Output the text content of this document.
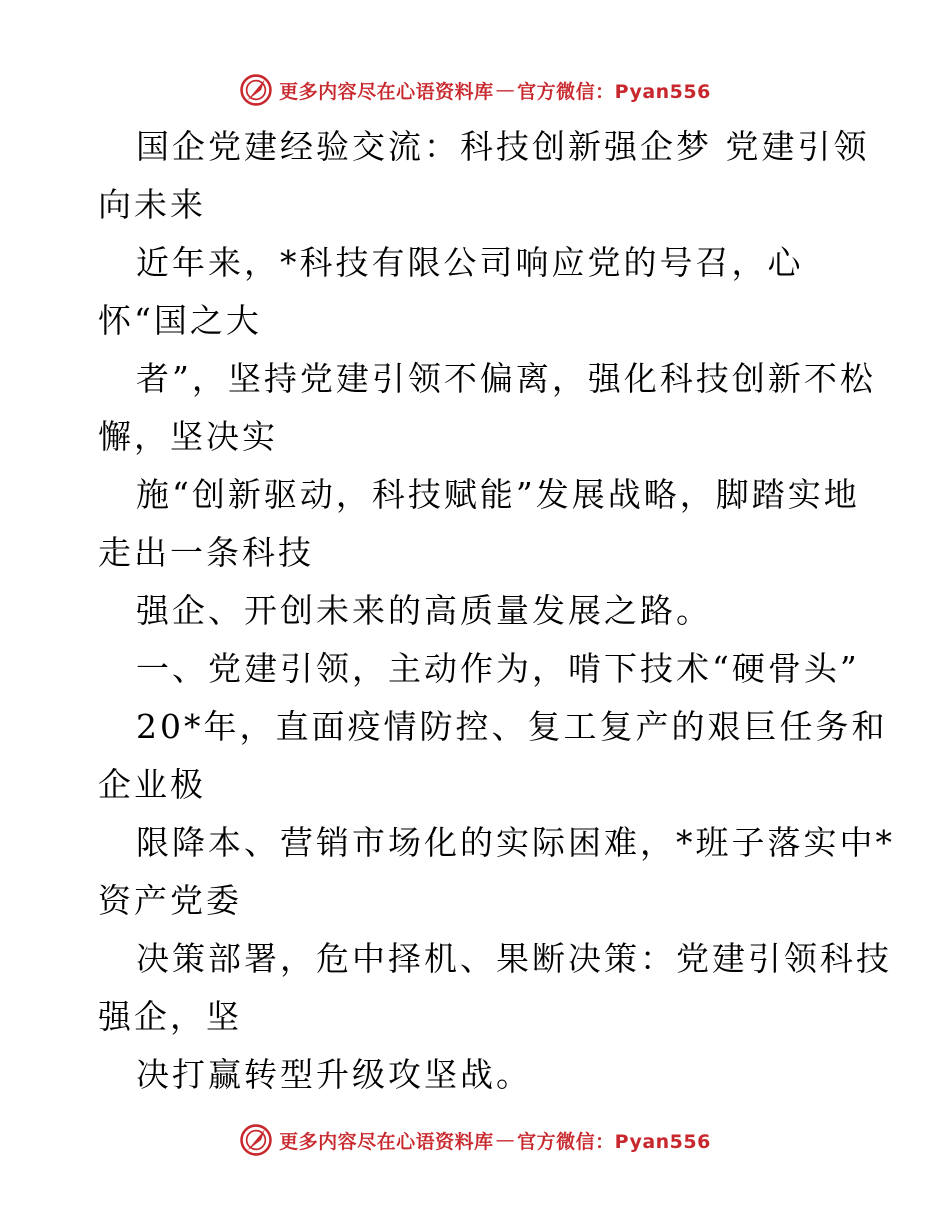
更多内容尽在心语资料库 — 官方微信：Pyan556
国企党建经验交流：科技创新强企梦 党建引领
向未来
近年来，*科技有限公司响应党的号召，心
怀“国之大
者”，坚持党建引领不偏离，强化科技创新不松
懈，坚决实
施“创新驱动，科技赋能”发展战略，脚踏实地
走出一条科技
强企、开创未来的高质量发展之路。
一、党建引领，主动作为，啃下技术“硬骨头”
20*年，直面疫情防控、复工复产的艰巨任务和
企业极
限降本、营销市场化的实际困难，*班子落实中*
资产党委
决策部署，危中择机、果断决策：党建引领科技
强企，坚
决打赢转型升级攻坚战。
更多内容尽在心语资料库 — 官方微信：Pyan556
